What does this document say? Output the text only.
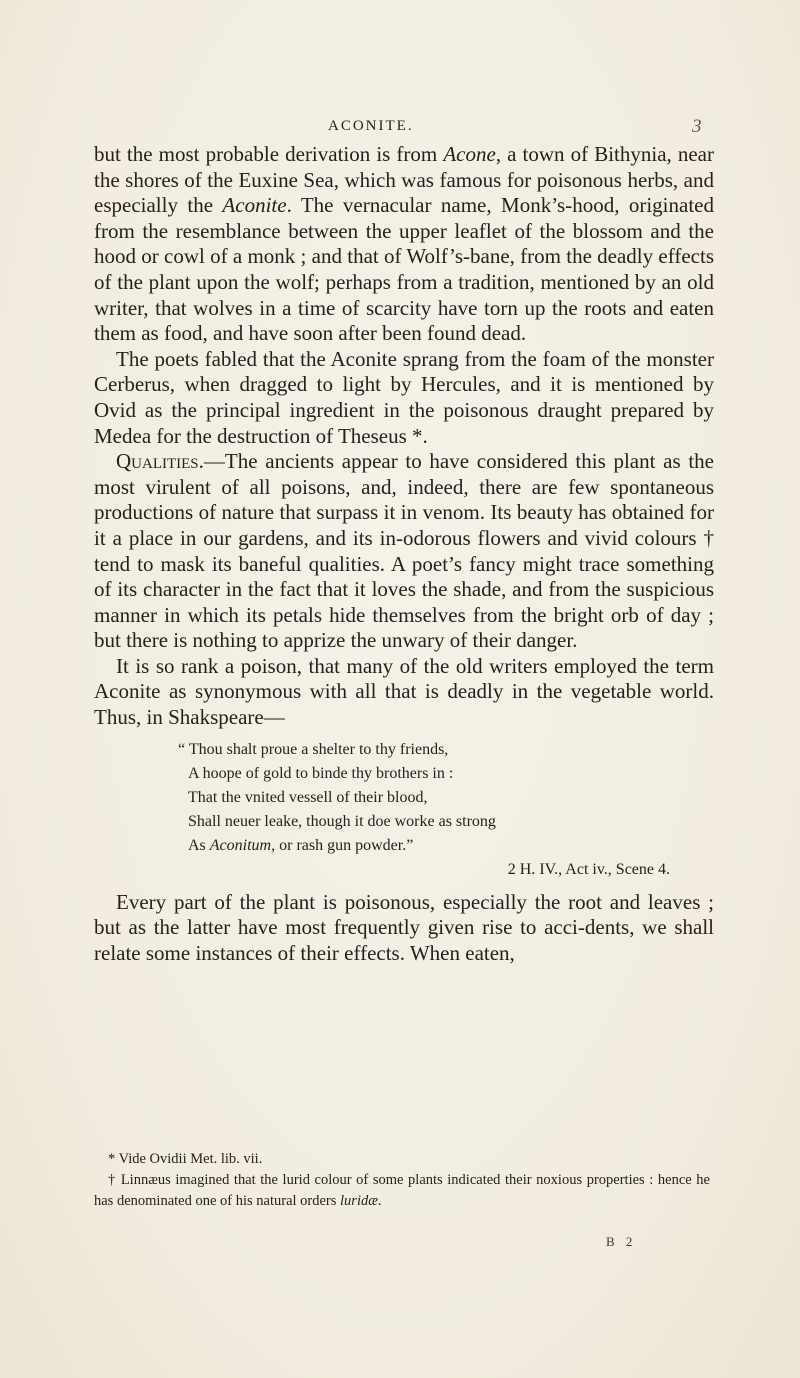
ACONITE.	3

but the most probable derivation is from Acone, a town of Bithynia, near the shores of the Euxine Sea, which was famous for poisonous herbs, and especially the Aconite. The vernacular name, Monk’s-hood, originated from the resemblance between the upper leaflet of the blossom and the hood or cowl of a monk ; and that of Wolf’s-bane, from the deadly effects of the plant upon the wolf; perhaps from a tradition, mentioned by an old writer, that wolves in a time of scarcity have torn up the roots and eaten them as food, and have soon after been found dead.

The poets fabled that the Aconite sprang from the foam of the monster Cerberus, when dragged to light by Hercules, and it is mentioned by Ovid as the principal ingredient in the poisonous draught prepared by Medea for the destruction of Theseus *.

Qualities.—The ancients appear to have considered this plant as the most virulent of all poisons, and, indeed, there are few spontaneous productions of nature that surpass it in venom. Its beauty has obtained for it a place in our gardens, and its in-odorous flowers and vivid colours † tend to mask its baneful qualities. A poet’s fancy might trace something of its character in the fact that it loves the shade, and from the suspicious manner in which its petals hide themselves from the bright orb of day ; but there is nothing to apprize the unwary of their danger.

It is so rank a poison, that many of the old writers employed the term Aconite as synonymous with all that is deadly in the vegetable world. Thus, in Shakspeare—

“ Thou shalt proue a shelter to thy friends,
A hoope of gold to binde thy brothers in :
That the vnited vessell of their blood,
Shall neuer leake, though it doe worke as strong
As Aconitum, or rash gun powder.”
2 H. IV., Act iv., Scene 4.

Every part of the plant is poisonous, especially the root and leaves ; but as the latter have most frequently given rise to acci-dents, we shall relate some instances of their effects. When eaten,

* Vide Ovidii Met. lib. vii.

† Linnæus imagined that the lurid colour of some plants indicated their noxious properties : hence he has denominated one of his natural orders luridæ.

B 2
